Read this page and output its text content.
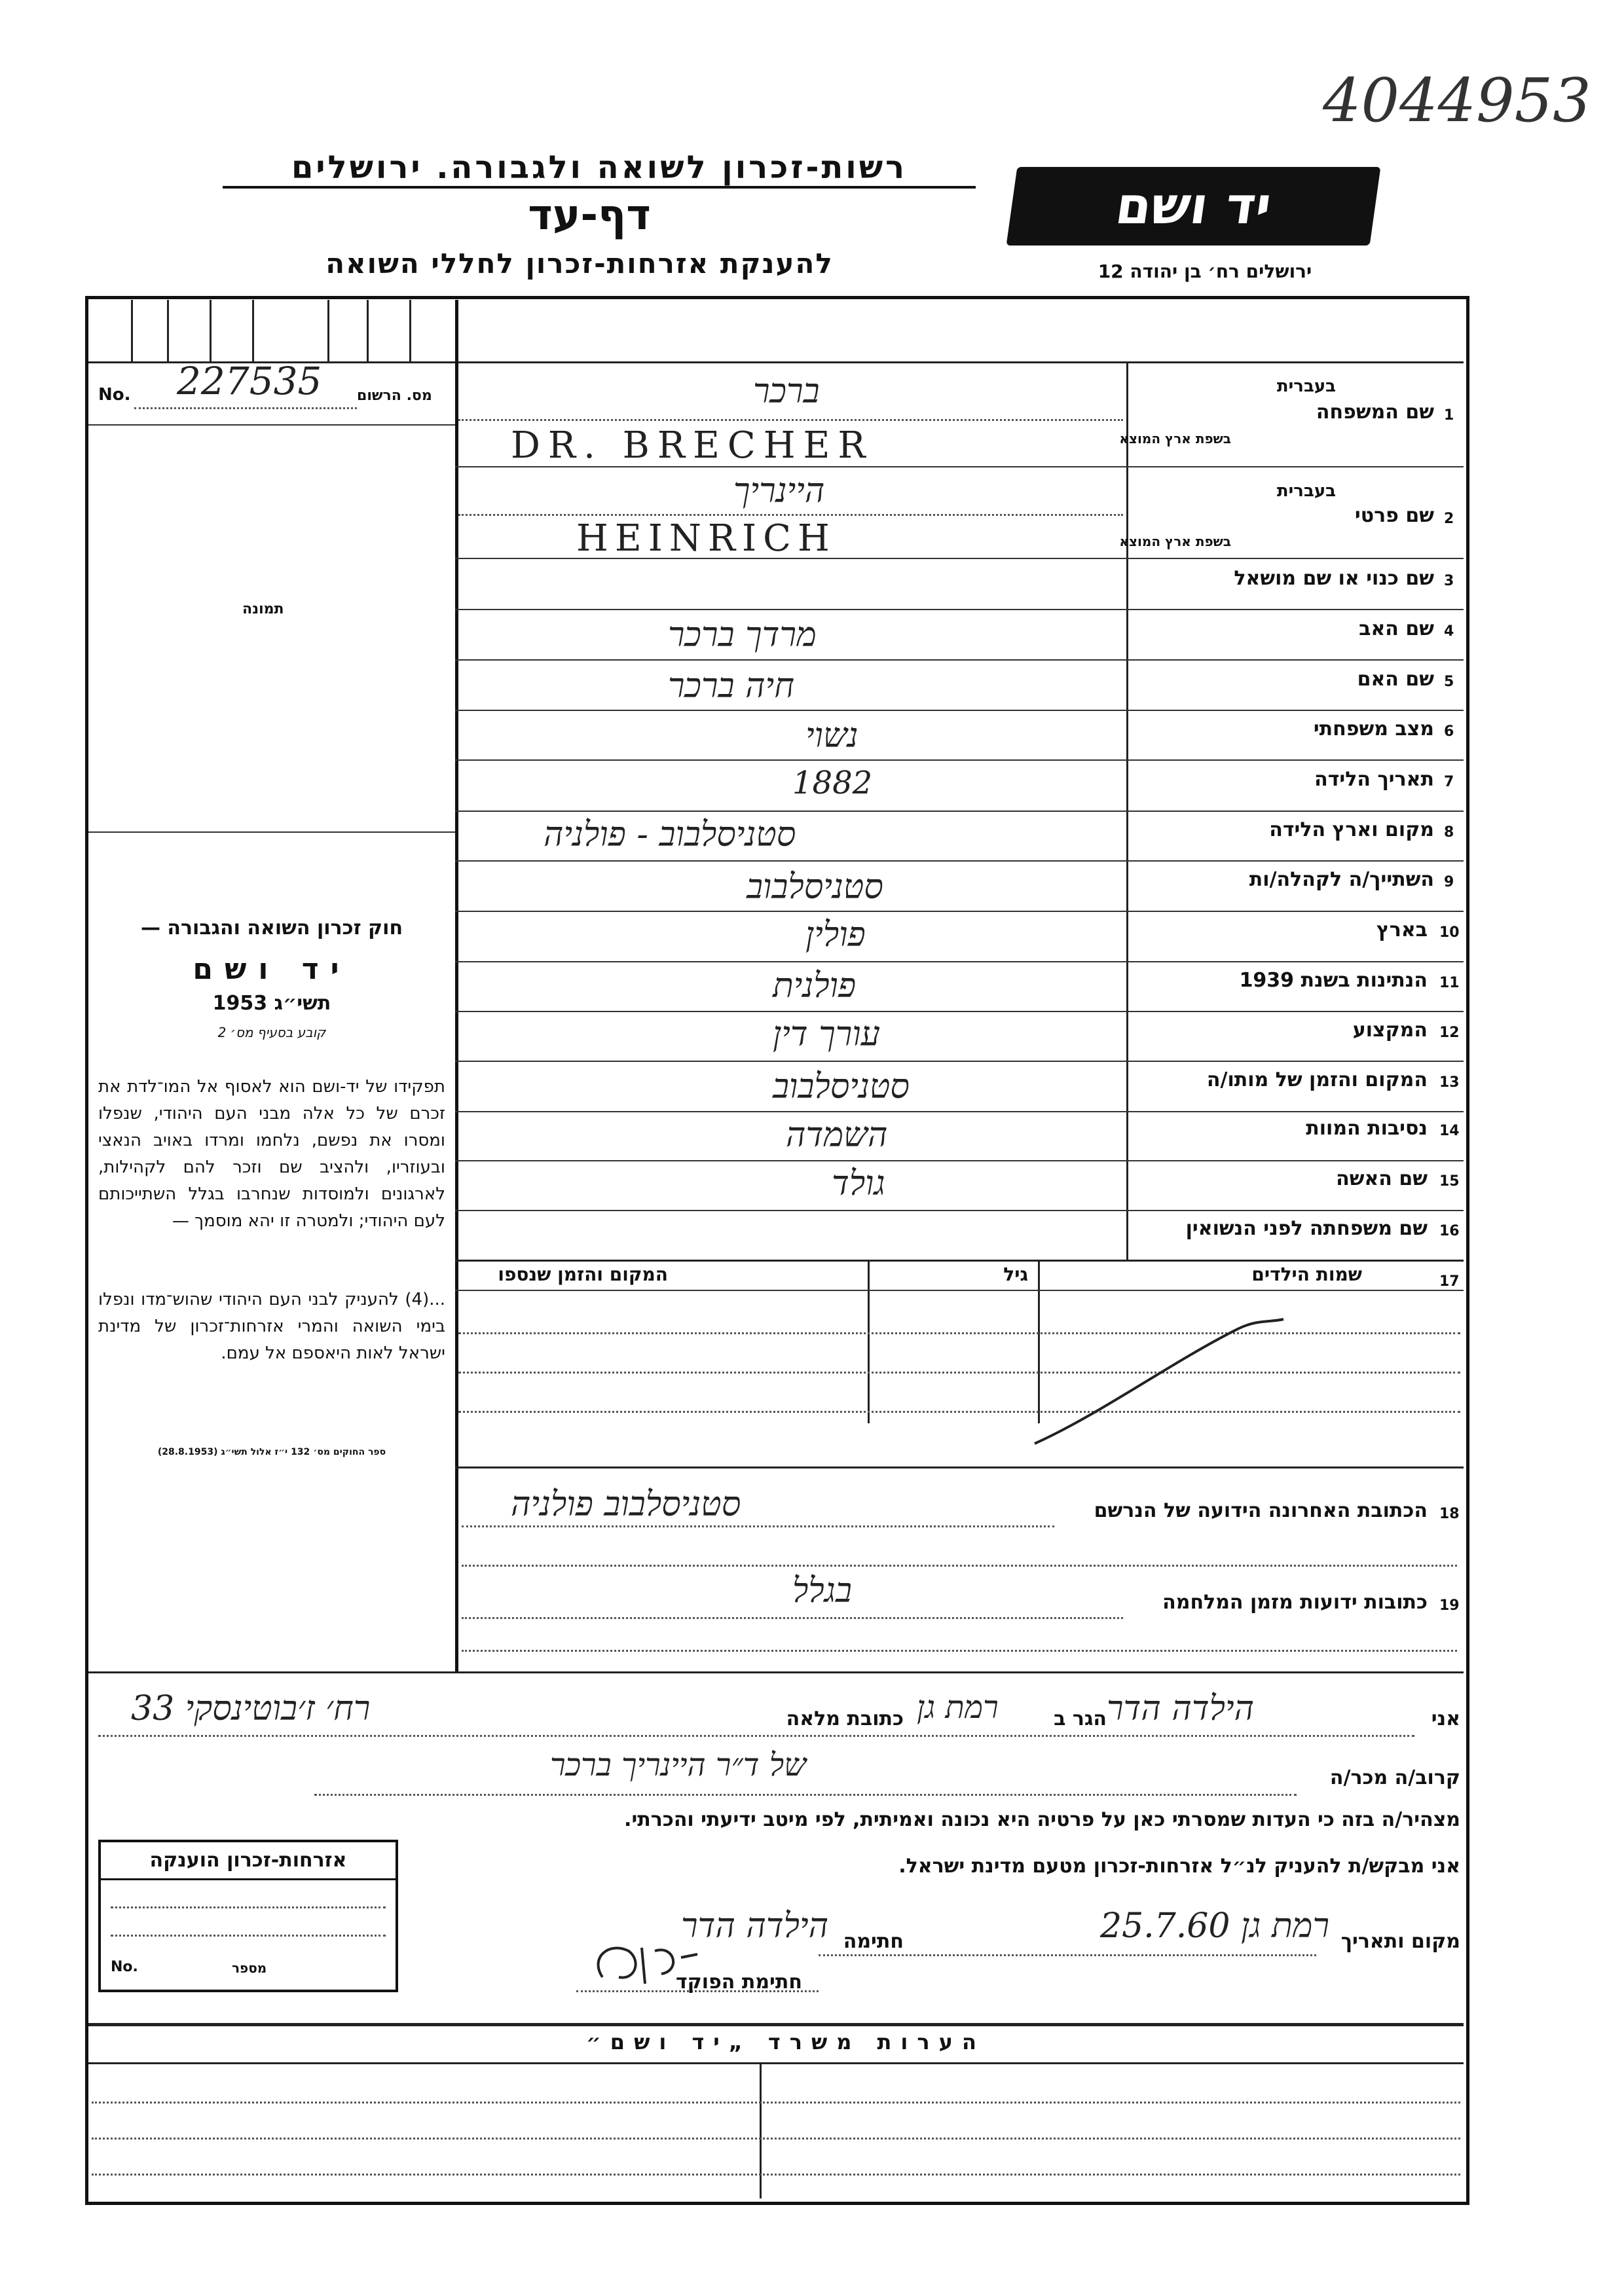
4044953
רשות-זכרון לשואה ולגבורה. ירושלים
דף-עד
להענקת אזרחות-זכרון לחללי השואה
יד ושם
ירושלים רח׳ בן יהודה 12
No. 227535 מס. הרשום
תמונה
חוק זכרון השואה והגבורה —
יד ושם
תשי״ג 1953
קובע בסעיף מס׳ 2
תפקידו של יד-ושם הוא לאסוף אל המו־לדת את זכרם של כל אלה מבני העם היהודי, שנפלו ומסרו את נפשם, נלחמו ומרדו באויב הנאצי ובעוזריו, ולהציב שם וזכר להם לקהילות, לארגונים ולמוסדות שנחרבו בגלל השתייכותם לעם היהודי; ולמטרה זו יהא מוסמך —
...(4) להעניק לבני העם היהודי שהוש־מדו ונפלו בימי השואה והמרי אזרחות־זכרון של מדינת ישראל לאות היאספם אל עמם.
ספר החוקים מס׳ 132 י״ז אלול תשי״ג (28.8.1953)
1
שם המשפחה
בעברית
בשפת ארץ המוצא
ברכר
DR. BRECHER
2
שם פרטי
בעברית
בשפת ארץ המוצא
היינריך
HEINRICH
3
שם כנוי או שם מושאל
4
שם האב
מרדך ברכר
5
שם האם
חיה ברכר
6
מצב משפחתי
נשוי
7
תאריך הלידה
1882
8
מקום וארץ הלידה
סטניסלבוב - פולניה
9
השתייך/ה לקהלה/ות
סטניסלבוב
10
בארץ
פולין
11
הנתינות בשנת 1939
פולנית
12
המקצוע
עורך דין
13
המקום והזמן של מותו/ה
סטניסלבוב
14
נסיבות המוות
השמדה
15
שם האשה
גולד
16
שם משפחתה לפני הנשואין
17
שמות הילדים
גיל
המקום והזמן שנספו
18
הכתובת האחרונה הידועה של הנרשם
סטניסלבוב פולניה
19
כתובות ידועות מזמן המלחמה
בגלל
אני
הילדה הדר
הגר ב
רמת גן
כתובת מלאה
רח׳ ז׳בוטינסקי 33
קרוב/ה מכר/ה
של ד״ר היינריך ברכר
מצהיר/ה בזה כי העדות שמסרתי כאן על פרטיה היא נכונה ואמיתית, לפי מיטב ידיעתי והכרתי.
אני מבקש/ת להעניק לנ״ל אזרחות-זכרון מטעם מדינת ישראל.
מקום ותאריך
רמת גן 25.7.60
חתימה
הילדה הדר
חתימת הפוקד
אזרחות-זכרון הוענקה
No.	מספר
הערות משרד „יד ושם״
